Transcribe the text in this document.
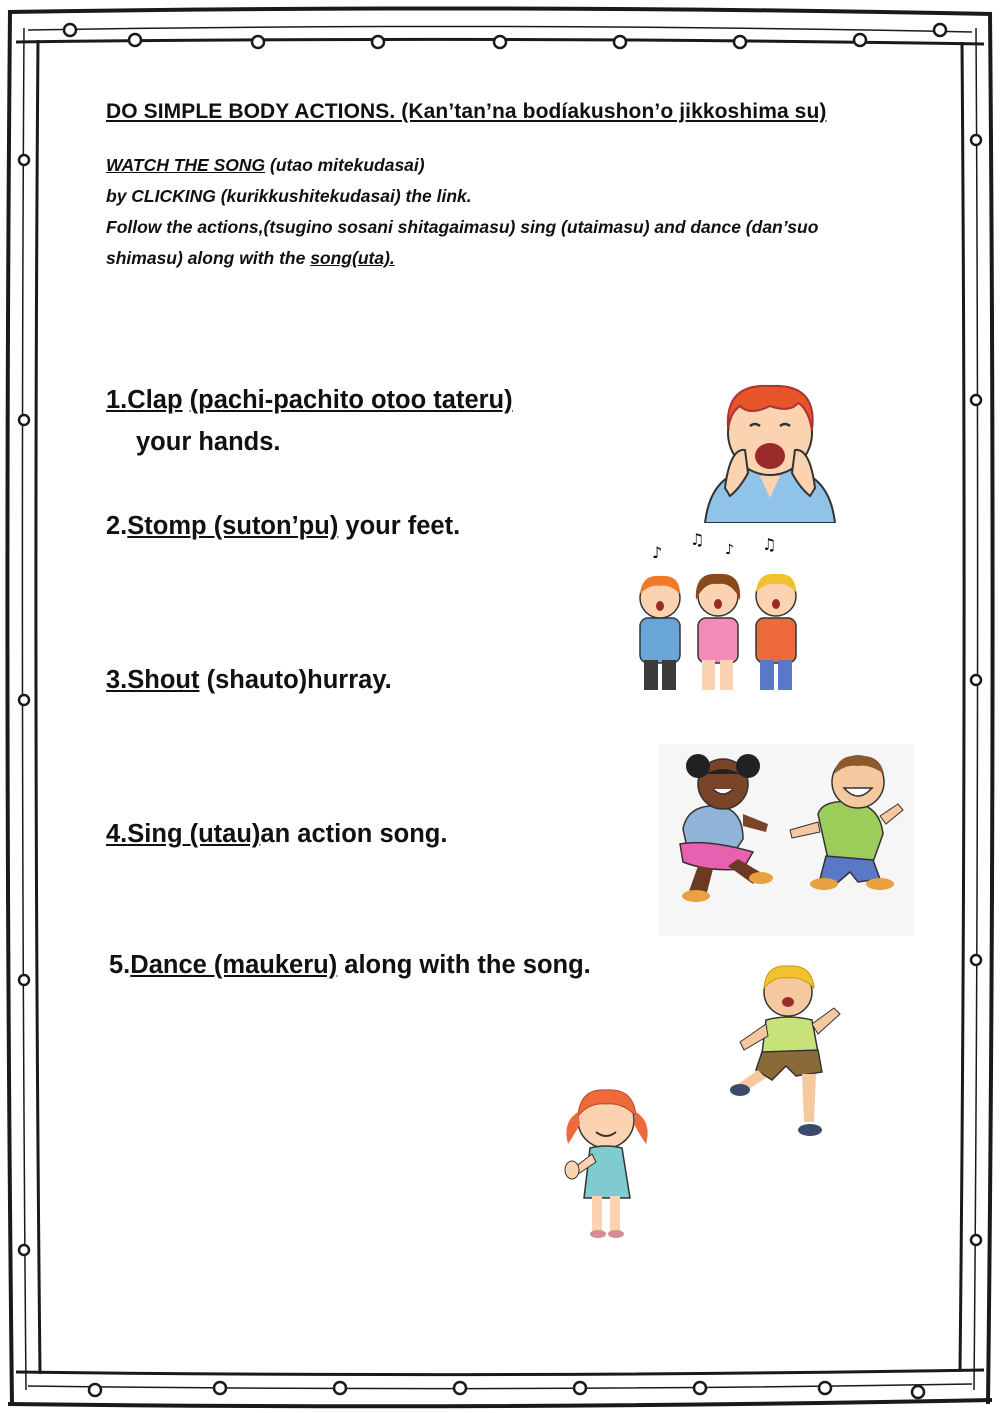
DO SIMPLE BODY ACTIONS. (Kan’tan’na bodíakushon’o jikkoshima su)
WATCH THE SONG (utao mitekudasai)
by CLICKING (kurikkushitekudasai) the link.
Follow the actions,(tsugino sosani shitagaimasu) sing (utaimasu) and dance (dan’suo shimasu) along with the song(uta).
1.Clap (pachi-pachito otoo tateru)
your hands.
2.Stomp (suton’pu) your feet.
3.Shout (shauto)hurray.
4.Sing (utau)an action song.
5.Dance (maukeru) along with the song.
♪
♫
♪ ♫
